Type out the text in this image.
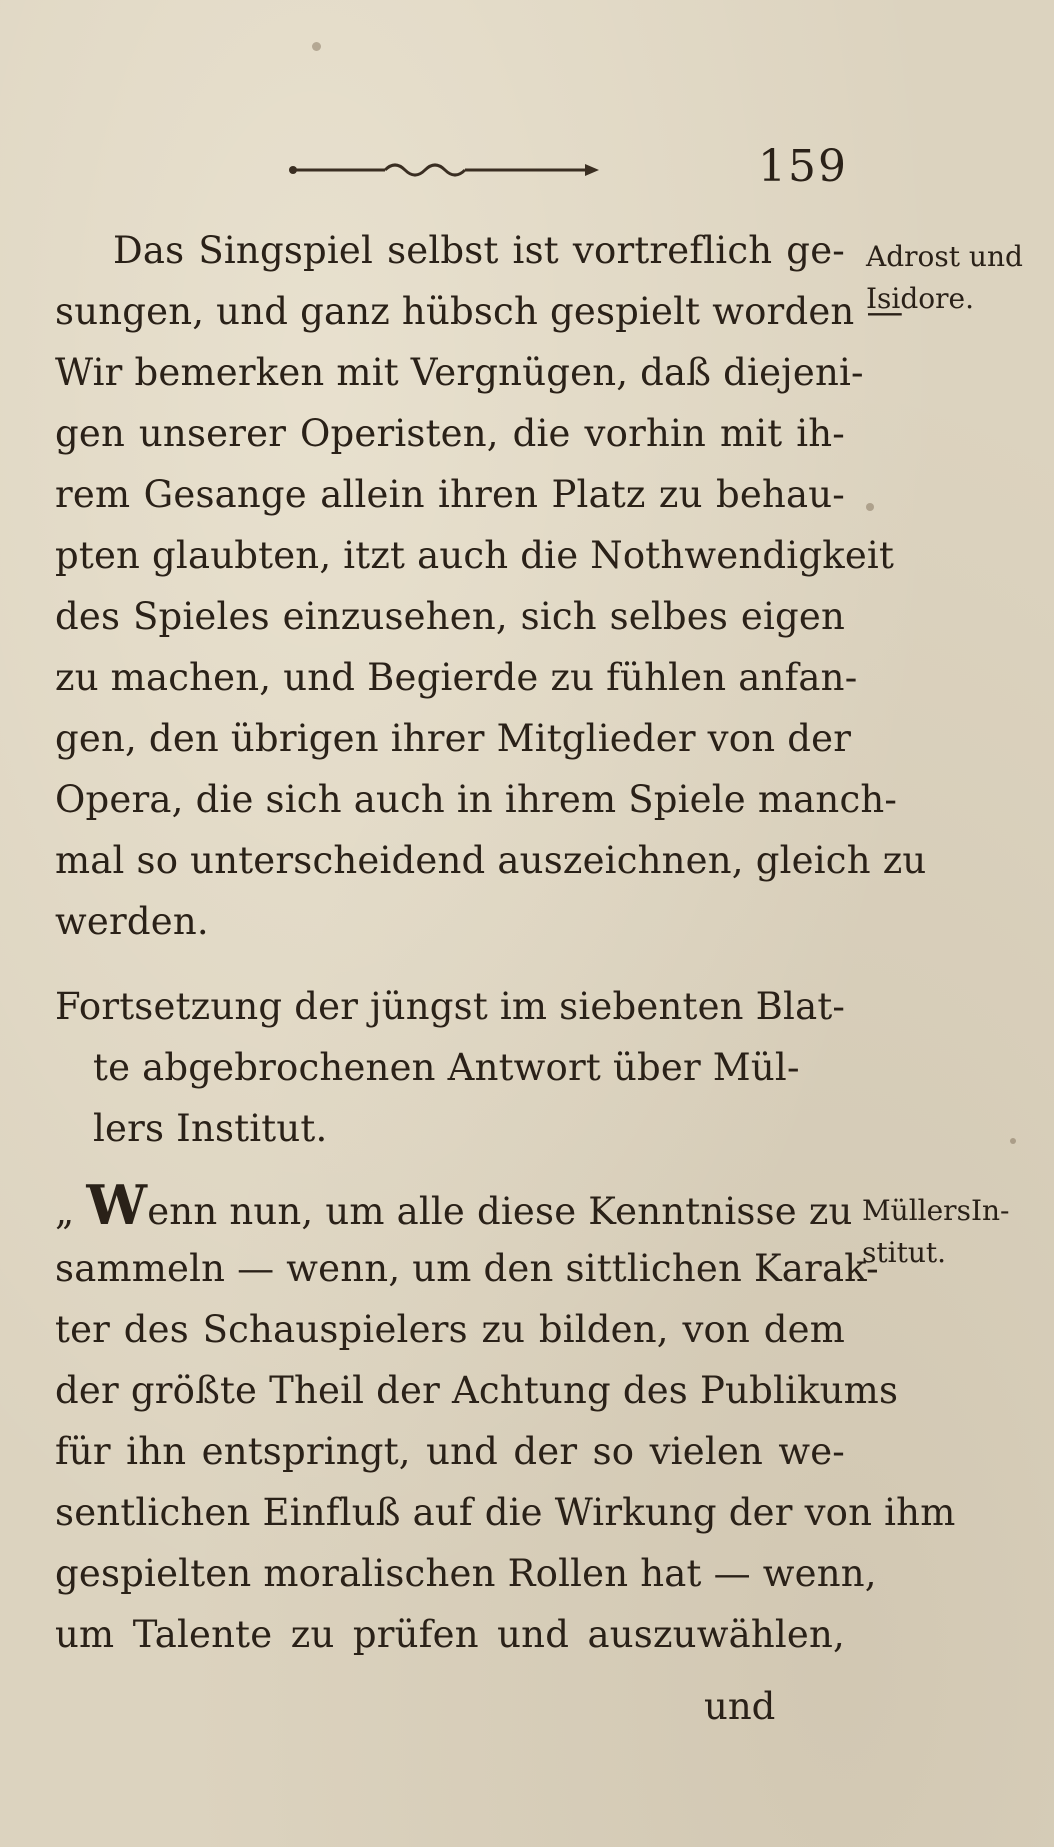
159
Adrost und
Isidore.
MüllersIn-
stitut.
Das Singspiel selbst ist vortreflich ge-
sungen, und ganz hübsch gespielt worden —
Wir bemerken mit Vergnügen, daß diejeni-
gen unserer Operisten, die vorhin mit ih-
rem Gesange allein ihren Platz zu behau-
pten glaubten, itzt auch die Nothwendigkeit
des Spieles einzusehen, sich selbes eigen
zu machen, und Begierde zu fühlen anfan-
gen, den übrigen ihrer Mitglieder von der
Opera, die sich auch in ihrem Spiele manch-
mal so unterscheidend auszeichnen, gleich zu
werden.
Fortsetzung der jüngst im siebenten Blat-
te abgebrochenen Antwort über Mül-
lers Institut.
„ Wenn nun, um alle diese Kenntnisse zu
sammeln — wenn, um den sittlichen Karak-
ter des Schauspielers zu bilden, von dem
der größte Theil der Achtung des Publikums
für ihn entspringt, und der so vielen we-
sentlichen Einfluß auf die Wirkung der von ihm
gespielten moralischen Rollen hat — wenn,
um Talente zu prüfen und auszuwählen,
und
